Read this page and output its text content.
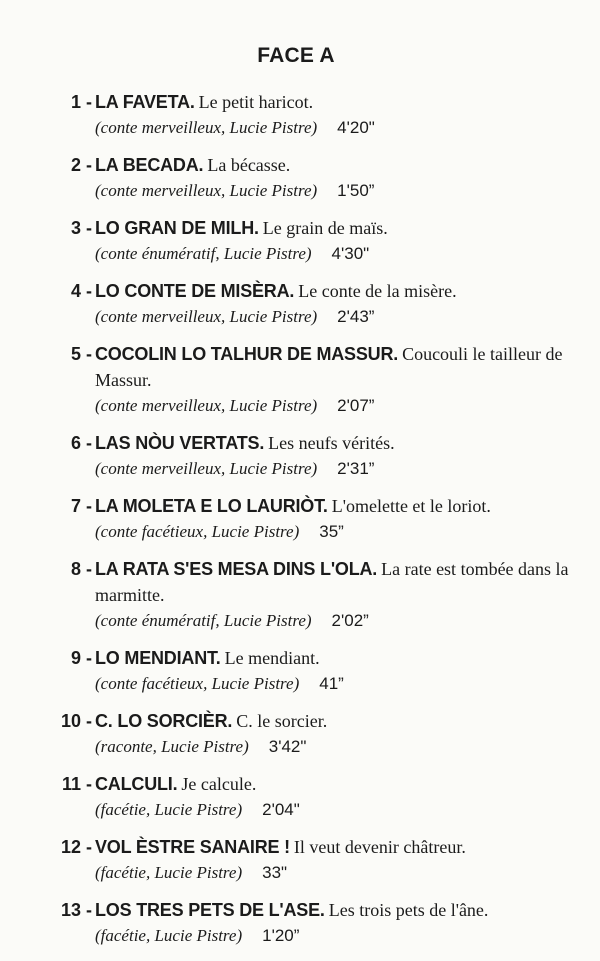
FACE A
1 - LA FAVETA. Le petit haricot.
(conte merveilleux, Lucie Pistre) 4'20"
2 - LA BECADA. La bécasse.
(conte merveilleux, Lucie Pistre) 1'50”
3 - LO GRAN DE MILH. Le grain de maïs.
(conte énumératif, Lucie Pistre) 4'30"
4 - LO CONTE DE MISÈRA. Le conte de la misère.
(conte merveilleux, Lucie Pistre) 2'43”
5 - COCOLIN LO TALHUR DE MASSUR. Coucouli le tailleur de Massur.
(conte merveilleux, Lucie Pistre) 2'07”
6 - LAS NÒU VERTATS. Les neufs vérités.
(conte merveilleux, Lucie Pistre) 2'31”
7 - LA MOLETA E LO LAURIÒT. L'omelette et le loriot.
(conte facétieux, Lucie Pistre) 35”
8 - LA RATA S'ES MESA DINS L'OLA. La rate est tombée dans la marmitte.
(conte énumératif, Lucie Pistre) 2'02”
9 - LO MENDIANT. Le mendiant.
(conte facétieux, Lucie Pistre) 41”
10 - C. LO SORCIÈR. C. le sorcier.
(raconte, Lucie Pistre) 3'42"
11 - CALCULI. Je calcule.
(facétie, Lucie Pistre) 2'04"
12 - VOL ÈSTRE SANAIRE ! Il veut devenir châtreur.
(facétie, Lucie Pistre) 33"
13 - LOS TRES PETS DE L'ASE. Les trois pets de l'âne.
(facétie, Lucie Pistre) 1'20”
